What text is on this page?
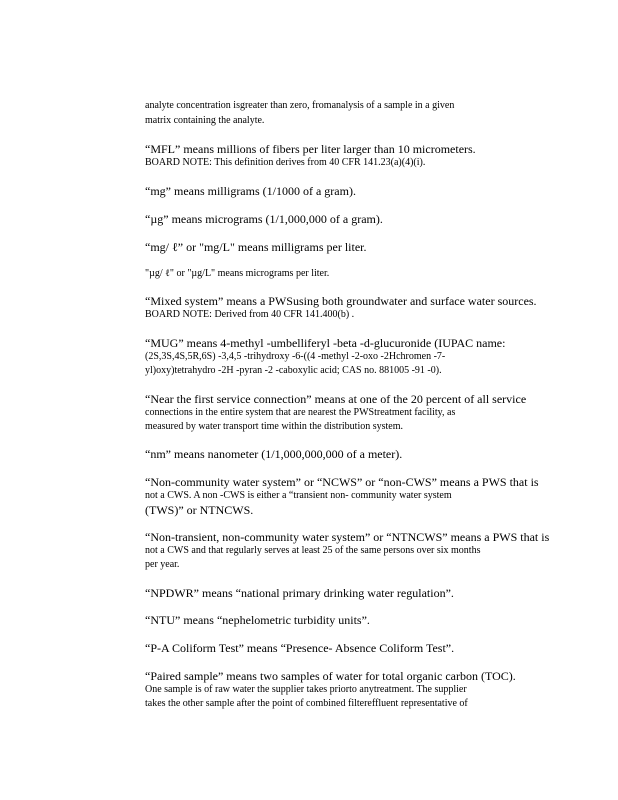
analyte concentration isgreater than zero, fromanalysis of a sample in a given
matrix containing the analyte.
“MFL” means millions of fibers per liter larger than 10 micrometers.
BOARD NOTE: This definition derives from 40 CFR 141.23(a)(4)(i).
“mg” means milligrams (1/1000 of a gram).
“µg” means micrograms (1/1,000,000 of a gram).
“mg/ ℓ” or "mg/L" means milligrams per liter.
"µg/ ℓ" or "µg/L" means micrograms per liter.
“Mixed system” means a PWSusing both groundwater and surface water sources.
BOARD NOTE: Derived from 40 CFR 141.400(b) .
“MUG” means 4-methyl -umbelliferyl -beta -d-glucuronide (IUPAC name:
(2S,3S,4S,5R,6S) -3,4,5 -trihydroxy -6-((4 -methyl -2-oxo -2Hchromen -7-
yl)oxy)tetrahydro -2H -pyran -2 -caboxylic acid; CAS no. 881005 -91 -0).
“Near the first service connection” means at one of the 20 percent of all service
connections in the entire system that are nearest the PWStreatment facility, as
measured by water transport time within the distribution system.
“nm” means nanometer (1/1,000,000,000 of a meter).
“Non-community water system” or “NCWS” or “non-CWS” means a PWS that is
not a CWS. A non -CWS is either a “transient non- community water system
(TWS)” or NTNCWS.
“Non-transient, non-community water system” or “NTNCWS” means a PWS that is
not a CWS and that regularly serves at least 25 of the same persons over six months
per year.
“NPDWR” means “national primary drinking water regulation”.
“NTU” means “nephelometric turbidity units”.
“P-A Coliform Test” means “Presence- Absence Coliform Test”.
“Paired sample” means two samples of water for total organic carbon (TOC).
One sample is of raw water the supplier takes priorto anytreatment. The supplier
takes the other sample after the point of combined filtereffluent representative of
